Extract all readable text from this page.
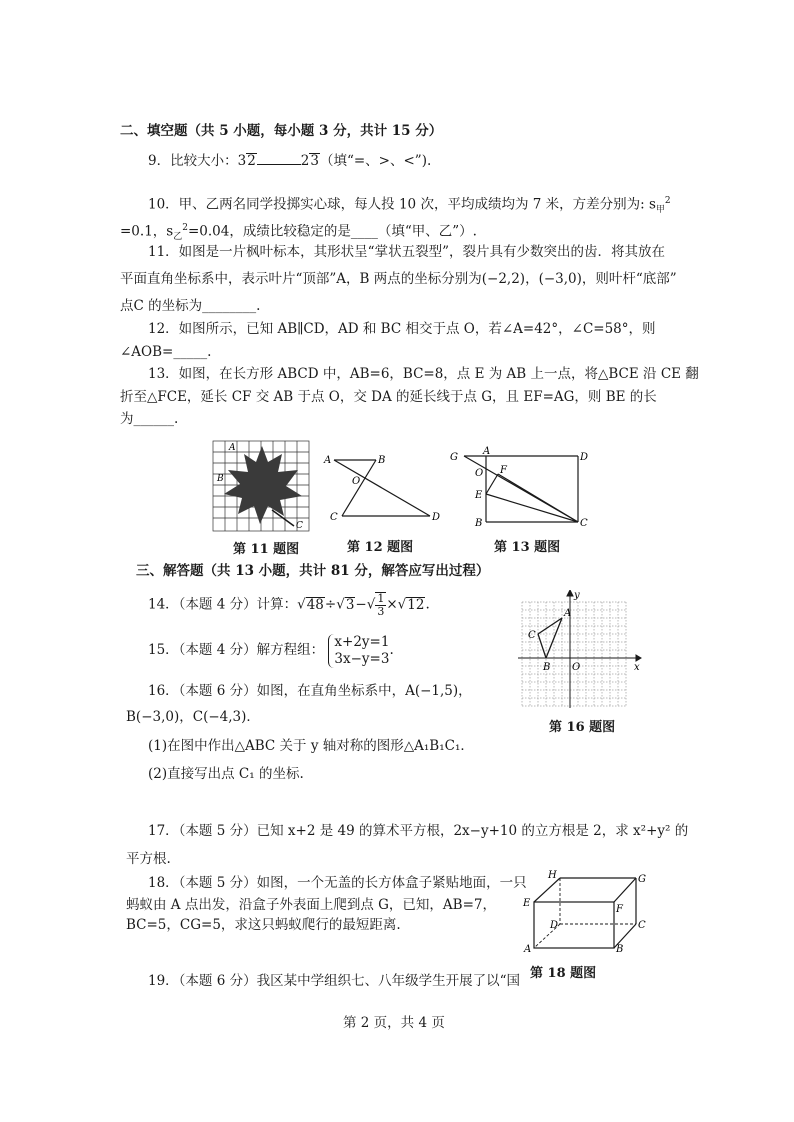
二、填空题（共 5 小题，每小题 3 分，共计 15 分）
9．比较大小：32	23（填“=、>、<”).
10．甲、乙两名同学投掷实心球，每人投 10 次，平均成绩均为 7 米，方差分别为: $s_甲^2$
=0.1，$s_乙^2=0.04$，成绩比较稳定的是____（填“甲、乙”）.
11．如图是一片枫叶标本，其形状呈“掌状五裂型”，裂片具有少数突出的齿．将其放在
平面直角坐标系中，表示叶片“顶部”A，B 两点的坐标分别为(−2,2)，(−3,0)，则叶杆“底部”
点C 的坐标为________.
12．如图所示，已知 AB∥CD，AD 和 BC 相交于点 O，若∠A=42°，∠C=58°，则
∠AOB=_____.
13．如图，在长方形 ABCD 中，AB=6，BC=8，点 E 为 AB 上一点，将△BCE 沿 CE 翻
折至△FCE，延长 CF 交 AB 于点 O，交 DA 的延长线于点 G，且 EF=AG，则 BE 的长
为______.
A
B
C
第 11 题图
A	B
O
C	D
第 12 题图
G
A
D
O F
E
B	C
第 13 题图
三、解答题（共 13 小题，共计 81 分，解答应写出过程）
14．（本题 4 分）计算：$√48\div√3-√ \frac{1}{3} \times√12$.
15．（本题 4 分）解方程组：
x+2y=1
3x−y=3
.
16．（本题 6 分）如图，在直角坐标系中，A(−1,5)，
B(−3,0)，C(−4,3)．
(1)在图中作出△ABC 关于 y 轴对称的图形△A₁B₁C₁．
(2)直接写出点 C₁ 的坐标.
y
x
O
A
B
C
第 16 题图
17．（本题 5 分）已知 x+2 是 49 的算术平方根，2x−y+10 的立方根是 2，求 x²+y² 的
平方根.
18．（本题 5 分）如图，一个无盖的长方体盒子紧贴地面，一只
蚂蚁由 A 点出发，沿盒子外表面上爬到点 G，已知，AB=7，
BC=5，CG=5，求这只蚂蚁爬行的最短距离.
H	G
E
F
D	C
A	B
第 18 题图
19．（本题 6 分）我区某中学组织七、八年级学生开展了以“国
第 2 页，共 4 页
